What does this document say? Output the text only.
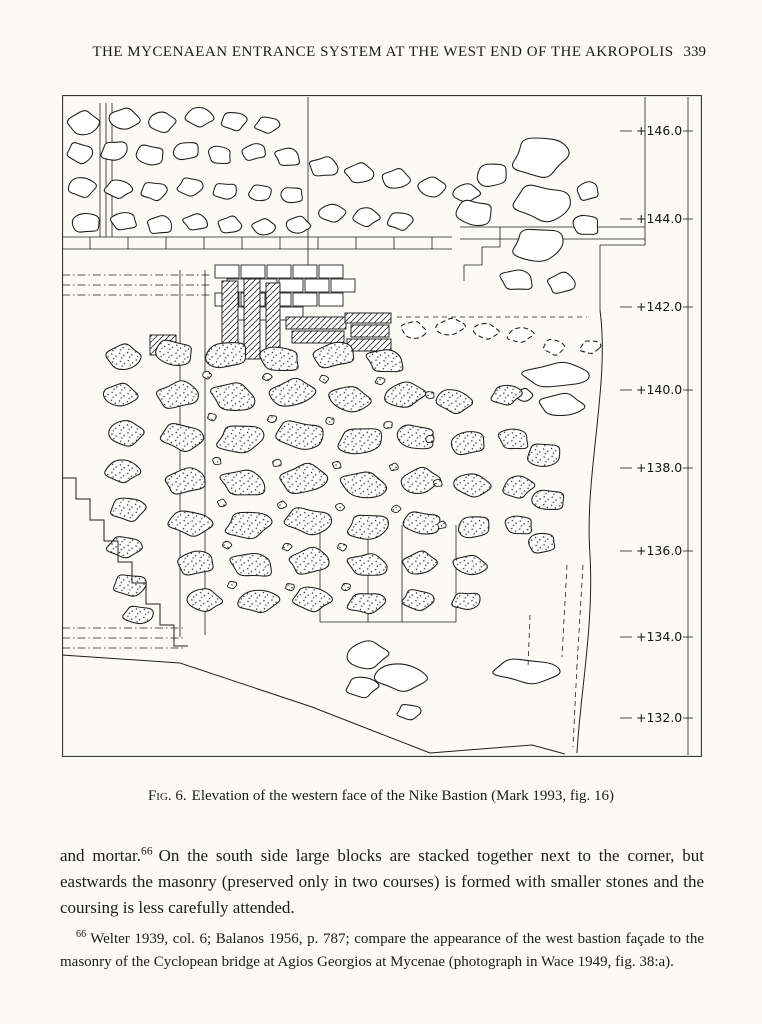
THE MYCENAEAN ENTRANCE SYSTEM AT THE WEST END OF THE AKROPOLIS 339
+146.0
+144.0
+142.0
+140.0
+138.0
+136.0
+134.0
+132.0

Fig. 6. Elevation of the western face of the Nike Bastion (Mark 1993, fig. 16)

and mortar.$^{66}$ On the south side large blocks are stacked together next to the corner, but eastwards the masonry (preserved only in two courses) is formed with smaller stones and the coursing is less carefully attended.

$^{66}$ Welter 1939, col. 6; Balanos 1956, p. 787; compare the appearance of the west bastion façade to the masonry of the Cyclopean bridge at Agios Georgios at Mycenae (photograph in Wace 1949, fig. 38:a).
